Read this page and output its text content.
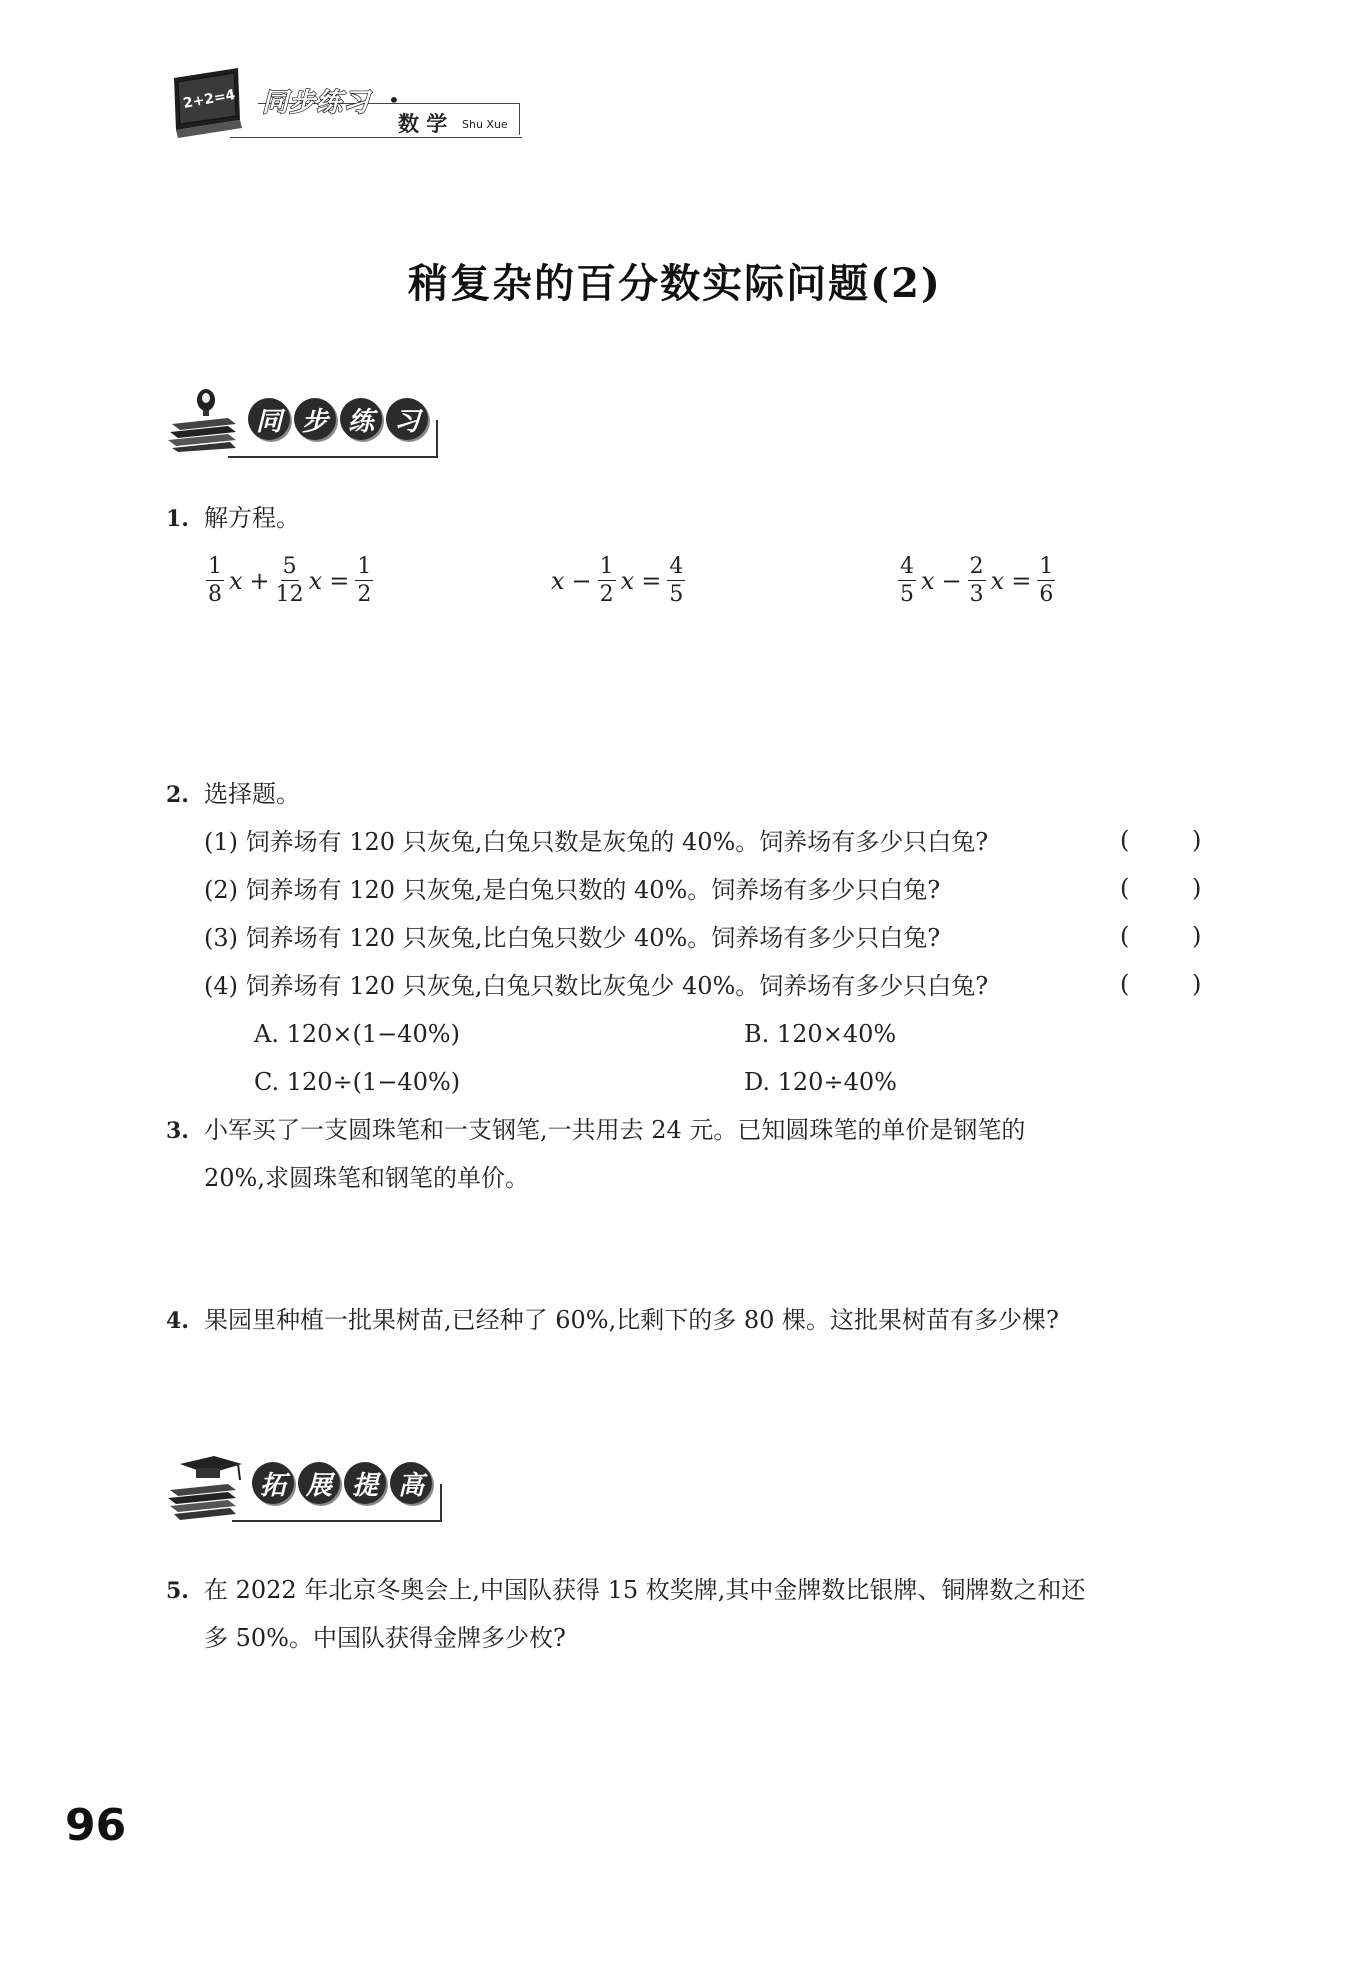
2+2=4 同步练习 •
数 学 Shu Xue
稍复杂的百分数实际问题(2)
同 步 练 习
1. 解方程。
$\frac{1}{8}$ $x + \frac{5}{12}$ $x = \frac{1}{2}$	$x - \frac{1}{2}$ $x = \frac{4}{5}$	$\frac{4}{5}$ $x - \frac{2}{3}$ $x = \frac{1}{6}$
2. 选择题。
(1) 饲养场有 120 只灰兔,白兔只数是灰兔的 40%。饲养场有多少只白兔?	(	)
(2) 饲养场有 120 只灰兔,是白兔只数的 40%。饲养场有多少只白兔?	(	)
(3) 饲养场有 120 只灰兔,比白兔只数少 40%。饲养场有多少只白兔?	(	)
(4) 饲养场有 120 只灰兔,白兔只数比灰兔少 40%。饲养场有多少只白兔?	(	)
A. 120×(1−40%)	B. 120×40%
C. 120÷(1−40%)	D. 120÷40%
3. 小军买了一支圆珠笔和一支钢笔,一共用去 24 元。已知圆珠笔的单价是钢笔的
20%,求圆珠笔和钢笔的单价。
4. 果园里种植一批果树苗,已经种了 60%,比剩下的多 80 棵。这批果树苗有多少棵?
拓 展 提 高
5. 在 2022 年北京冬奥会上,中国队获得 15 枚奖牌,其中金牌数比银牌、铜牌数之和还
多 50%。中国队获得金牌多少枚?
96
